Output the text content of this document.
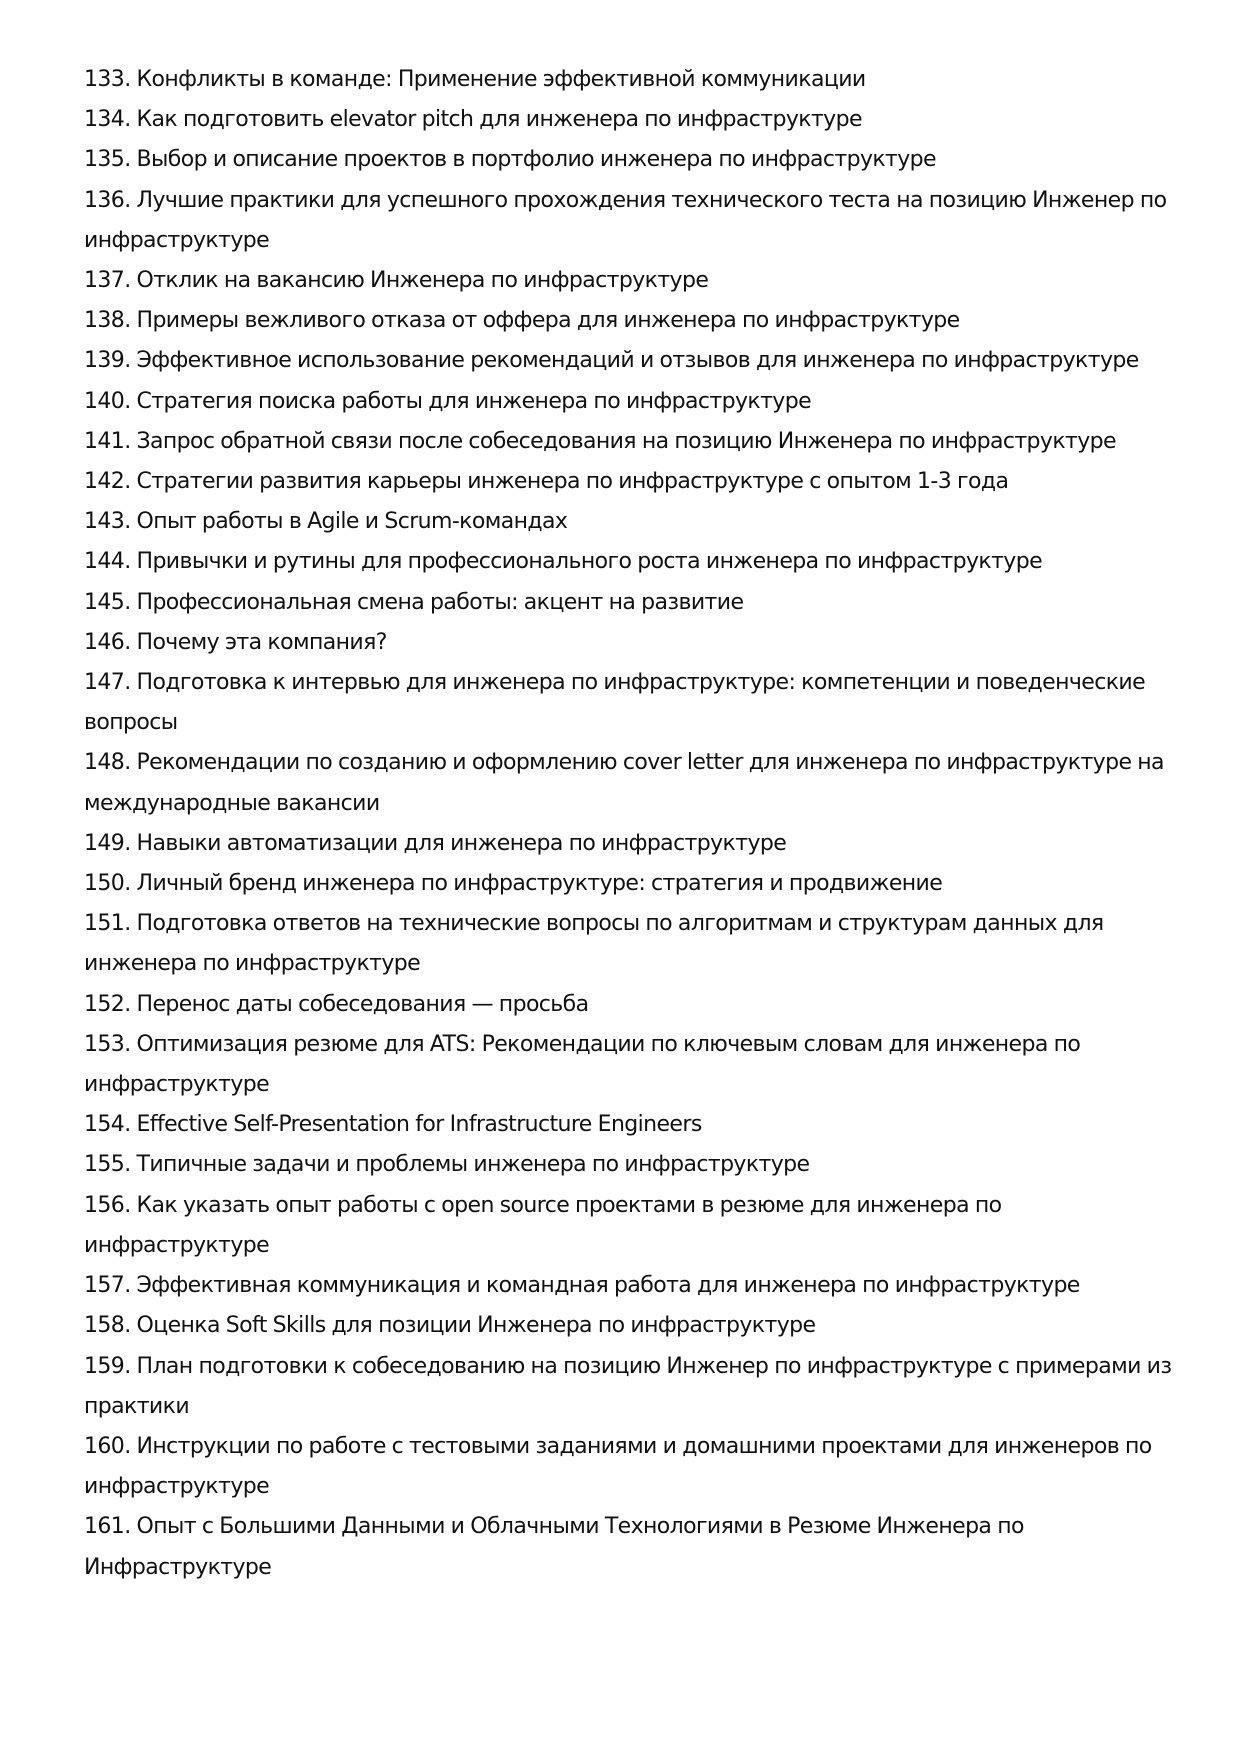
133. Конфликты в команде: Применение эффективной коммуникации
134. Как подготовить elevator pitch для инженера по инфраструктуре
135. Выбор и описание проектов в портфолио инженера по инфраструктуре
136. Лучшие практики для успешного прохождения технического теста на позицию Инженер по инфраструктуре
137. Отклик на вакансию Инженера по инфраструктуре
138. Примеры вежливого отказа от оффера для инженера по инфраструктуре
139. Эффективное использование рекомендаций и отзывов для инженера по инфраструктуре
140. Стратегия поиска работы для инженера по инфраструктуре
141. Запрос обратной связи после собеседования на позицию Инженера по инфраструктуре
142. Стратегии развития карьеры инженера по инфраструктуре с опытом 1-3 года
143. Опыт работы в Agile и Scrum-командах
144. Привычки и рутины для профессионального роста инженера по инфраструктуре
145. Профессиональная смена работы: акцент на развитие
146. Почему эта компания?
147. Подготовка к интервью для инженера по инфраструктуре: компетенции и поведенческие вопросы
148. Рекомендации по созданию и оформлению cover letter для инженера по инфраструктуре на международные вакансии
149. Навыки автоматизации для инженера по инфраструктуре
150. Личный бренд инженера по инфраструктуре: стратегия и продвижение
151. Подготовка ответов на технические вопросы по алгоритмам и структурам данных для инженера по инфраструктуре
152. Перенос даты собеседования — просьба
153. Оптимизация резюме для ATS: Рекомендации по ключевым словам для инженера по инфраструктуре
154. Effective Self-Presentation for Infrastructure Engineers
155. Типичные задачи и проблемы инженера по инфраструктуре
156. Как указать опыт работы с open source проектами в резюме для инженера по инфраструктуре
157. Эффективная коммуникация и командная работа для инженера по инфраструктуре
158. Оценка Soft Skills для позиции Инженера по инфраструктуре
159. План подготовки к собеседованию на позицию Инженер по инфраструктуре с примерами из практики
160. Инструкции по работе с тестовыми заданиями и домашними проектами для инженеров по инфраструктуре
161. Опыт с Большими Данными и Облачными Технологиями в Резюме Инженера по Инфраструктуре
